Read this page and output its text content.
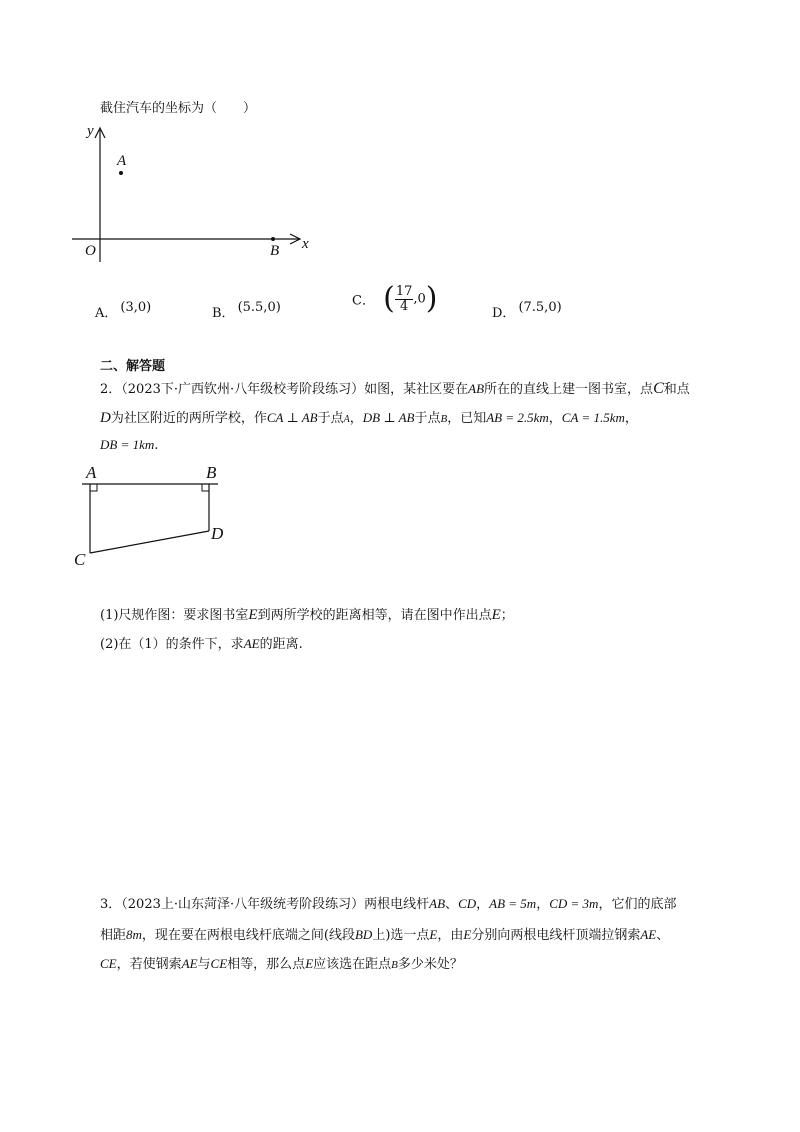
截住汽车的坐标为（　　）
y
x
O
A
B
A． (3,0)	B． (5.5,0)	C． ( $\frac{17}{4} ,0$)	D． (7.5,0)
二、解答题
2．（2023下·广西钦州·八年级校考阶段练习）如图，某社区要在AB所在的直线上建一图书室，点C和点
D为社区附近的两所学校，作CA ⊥ AB于点A，DB ⊥ AB于点B，已知AB = 2.5km，CA = 1.5km，
DB = 1km.
A	B
C
D
(1)尺规作图：要求图书室E到两所学校的距离相等，请在图中作出点E；
(2)在（1）的条件下，求AE的距离.
3．（2023上·山东菏泽·八年级统考阶段练习）两根电线杆AB、CD，AB = 5m，CD = 3m，它们的底部
相距8m，现在要在两根电线杆底端之间(线段BD上)选一点E，由E分别向两根电线杆顶端拉钢索AE、
CE，若使钢索AE与CE相等，那么点E应该选在距点B多少米处？
